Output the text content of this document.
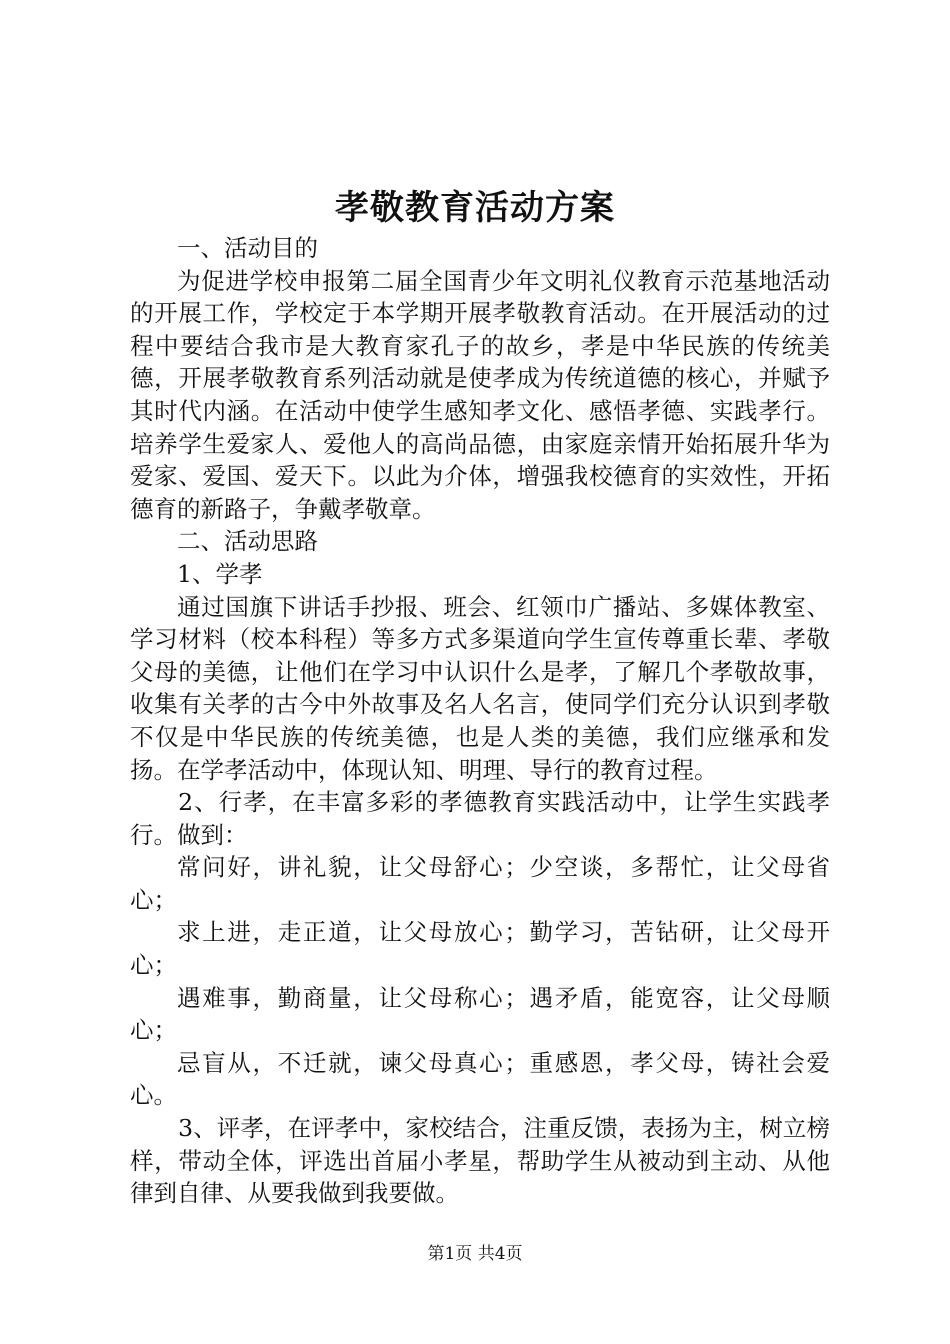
孝敬教育活动方案

一、活动目的

为促进学校申报第二届全国青少年文明礼仪教育示范基地活动的开展工作，学校定于本学期开展孝敬教育活动。在开展活动的过程中要结合我市是大教育家孔子的故乡，孝是中华民族的传统美德，开展孝敬教育系列活动就是使孝成为传统道德的核心，并赋予其时代内涵。在活动中使学生感知孝文化、感悟孝德、实践孝行。培养学生爱家人、爱他人的高尚品德，由家庭亲情开始拓展升华为爱家、爱国、爱天下。以此为介体，增强我校德育的实效性，开拓德育的新路子，争戴孝敬章。

二、活动思路

1、学孝

通过国旗下讲话手抄报、班会、红领巾广播站、多媒体教室、学习材料（校本科程）等多方式多渠道向学生宣传尊重长辈、孝敬父母的美德，让他们在学习中认识什么是孝，了解几个孝敬故事，收集有关孝的古今中外故事及名人名言，使同学们充分认识到孝敬不仅是中华民族的传统美德，也是人类的美德，我们应继承和发扬。在学孝活动中，体现认知、明理、导行的教育过程。

2、行孝，在丰富多彩的孝德教育实践活动中，让学生实践孝行。做到：

常问好，讲礼貌，让父母舒心；少空谈，多帮忙，让父母省心；

求上进，走正道，让父母放心；勤学习，苦钻研，让父母开心；

遇难事，勤商量，让父母称心；遇矛盾，能宽容，让父母顺心；

忌盲从，不迁就，谏父母真心；重感恩，孝父母，铸社会爱心。

3、评孝，在评孝中，家校结合，注重反馈，表扬为主，树立榜样，带动全体，评选出首届小孝星，帮助学生从被动到主动、从他律到自律、从要我做到我要做。

第1页 共4页
